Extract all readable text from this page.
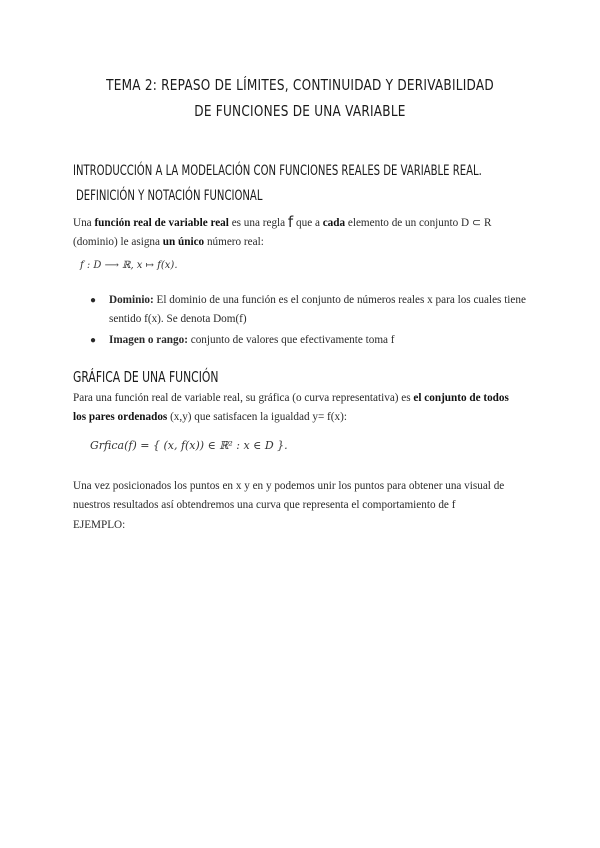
TEMA 2: REPASO DE LÍMITES, CONTINUIDAD Y DERIVABILIDAD DE FUNCIONES DE UNA VARIABLE
INTRODUCCIÓN A LA MODELACIÓN CON FUNCIONES REALES DE VARIABLE REAL.
DEFINICIÓN Y NOTACIÓN FUNCIONAL
Una función real de variable real es una regla f que a cada elemento de un conjunto D ⊂ R (dominio) le asigna un único número real:
f : D ⟶ ℝ, x ↦ f(x).
● Dominio: El dominio de una función es el conjunto de números reales x para los cuales tiene sentido f(x). Se denota Dom(f)
● Imagen o rango: conjunto de valores que efectivamente toma f
GRÁFICA DE UNA FUNCIÓN
Para una función real de variable real, su gráfica (o curva representativa) es el conjunto de todos los pares ordenados (x,y) que satisfacen la igualdad y= f(x):
Grfica(f) = { (x, f(x)) ∈ ℝ² : x ∈ D }.
Una vez posicionados los puntos en x y en y podemos unir los puntos para obtener una visual de nuestros resultados así obtendremos una curva que representa el comportamiento de f
EJEMPLO:
